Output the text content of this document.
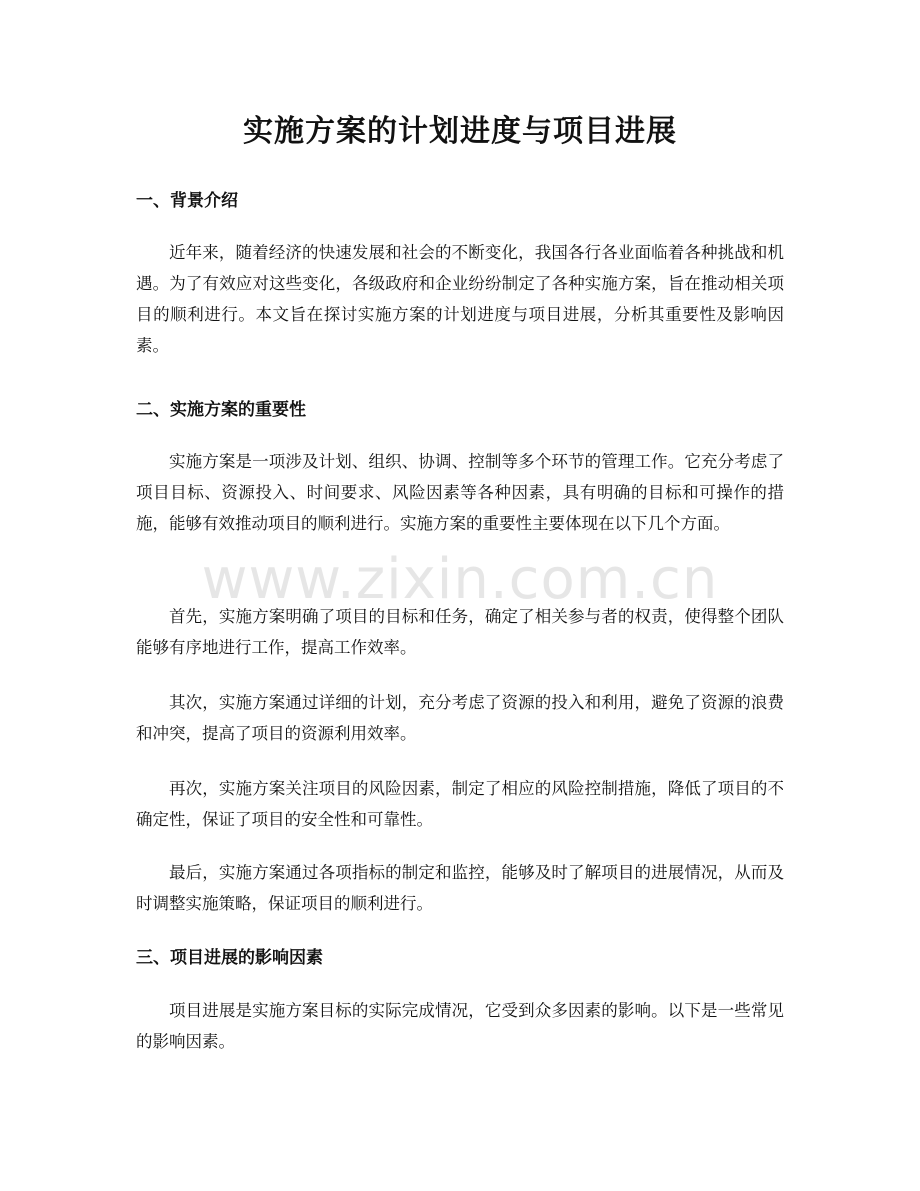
实施方案的计划进度与项目进展
一、背景介绍

近年来，随着经济的快速发展和社会的不断变化，我国各行各业面临着各种挑战和机遇。为了有效应对这些变化，各级政府和企业纷纷制定了各种实施方案，旨在推动相关项目的顺利进行。本文旨在探讨实施方案的计划进度与项目进展，分析其重要性及影响因素。

二、实施方案的重要性

实施方案是一项涉及计划、组织、协调、控制等多个环节的管理工作。它充分考虑了项目目标、资源投入、时间要求、风险因素等各种因素，具有明确的目标和可操作的措施，能够有效推动项目的顺利进行。实施方案的重要性主要体现在以下几个方面。

首先，实施方案明确了项目的目标和任务，确定了相关参与者的权责，使得整个团队能够有序地进行工作，提高工作效率。

其次，实施方案通过详细的计划，充分考虑了资源的投入和利用，避免了资源的浪费和冲突，提高了项目的资源利用效率。

再次，实施方案关注项目的风险因素，制定了相应的风险控制措施，降低了项目的不确定性，保证了项目的安全性和可靠性。

最后，实施方案通过各项指标的制定和监控，能够及时了解项目的进展情况，从而及时调整实施策略，保证项目的顺利进行。

三、项目进展的影响因素

项目进展是实施方案目标的实际完成情况，它受到众多因素的影响。以下是一些常见的影响因素。

www.zixin.com.cn
